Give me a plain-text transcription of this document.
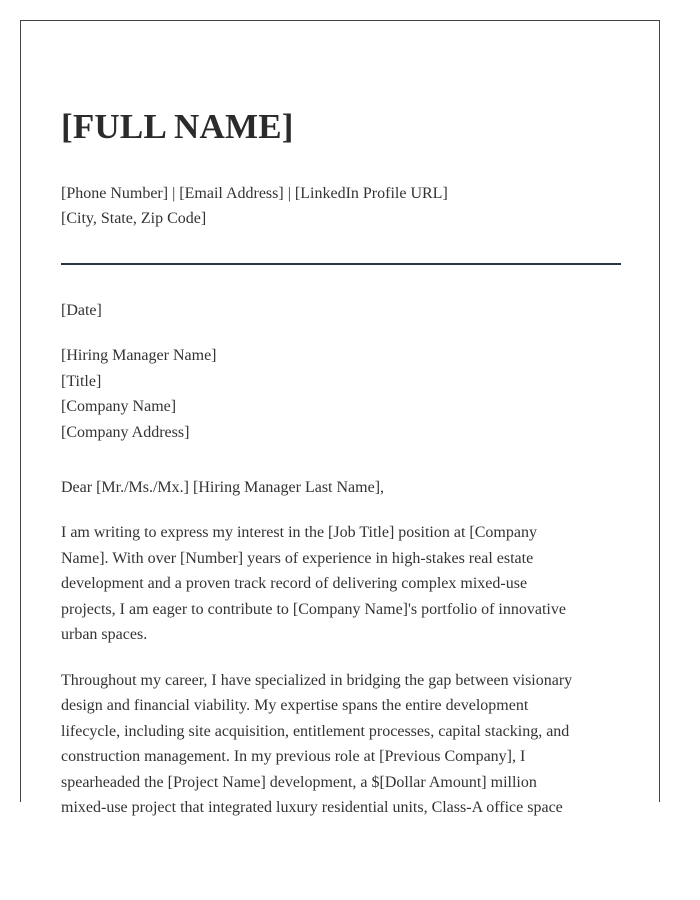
[FULL NAME]
[Phone Number] | [Email Address] | [LinkedIn Profile URL]
[City, State, Zip Code]
[Date]
[Hiring Manager Name]
[Title]
[Company Name]
[Company Address]
Dear [Mr./Ms./Mx.] [Hiring Manager Last Name],
I am writing to express my interest in the [Job Title] position at [Company
Name]. With over [Number] years of experience in high-stakes real estate
development and a proven track record of delivering complex mixed-use
projects, I am eager to contribute to [Company Name]'s portfolio of innovative
urban spaces.
Throughout my career, I have specialized in bridging the gap between visionary
design and financial viability. My expertise spans the entire development
lifecycle, including site acquisition, entitlement processes, capital stacking, and
construction management. In my previous role at [Previous Company], I
spearheaded the [Project Name] development, a $[Dollar Amount] million
mixed-use project that integrated luxury residential units, Class-A office space
